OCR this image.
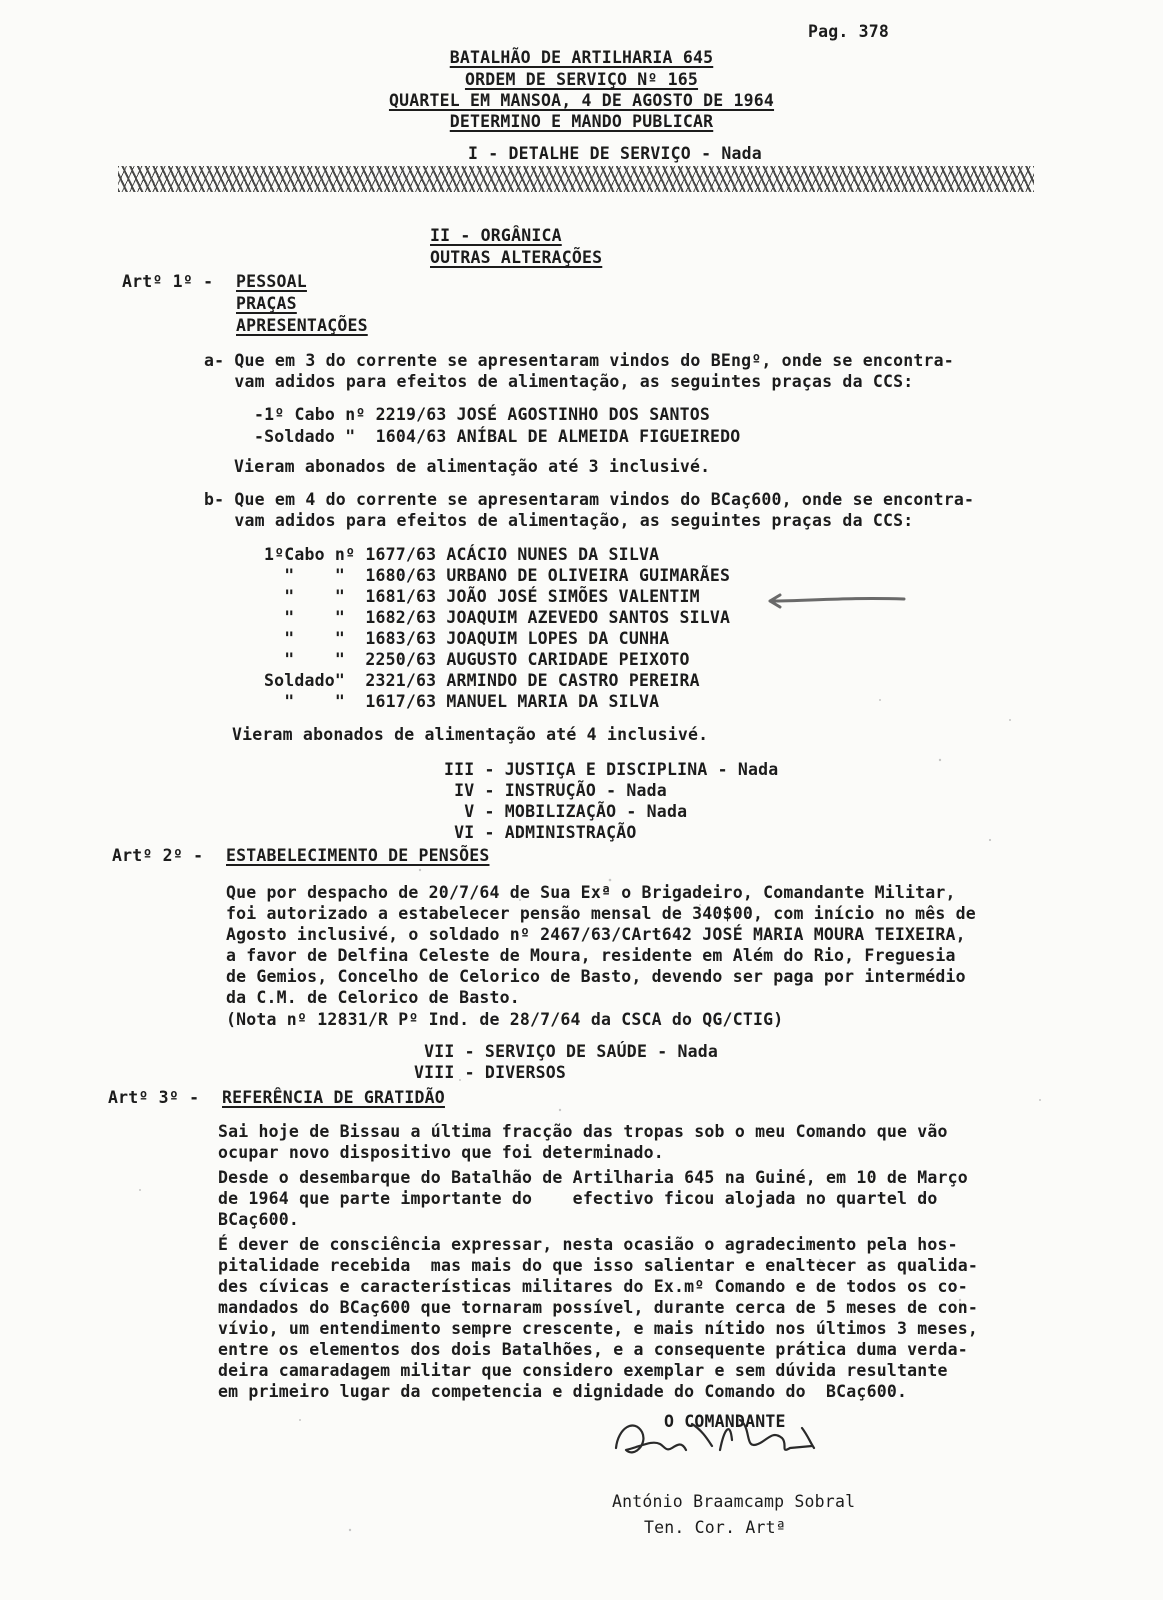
Pag. 378
BATALHÃO DE ARTILHARIA 645
ORDEM DE SERVIÇO Nº 165
QUARTEL EM MANSOA, 4 DE AGOSTO DE 1964
DETERMINO E MANDO PUBLICAR
I - DETALHE DE SERVIÇO - Nada
II - ORGÂNICA
OUTRAS ALTERAÇÕES
Artº 1º - PESSOAL
PRAÇAS
APRESENTAÇÕES
a- Que em 3 do corrente se apresentaram vindos do BEngº, onde se encontra-
vam adidos para efeitos de alimentação, as seguintes praças da CCS:
-1º Cabo nº 2219/63 JOSÉ AGOSTINHO DOS SANTOS
-Soldado "  1604/63 ANÍBAL DE ALMEIDA FIGUEIREDO
Vieram abonados de alimentação até 3 inclusivé.
b- Que em 4 do corrente se apresentaram vindos do BCaç600, onde se encontra-
vam adidos para efeitos de alimentação, as seguintes praças da CCS:
1ºCabo nº 1677/63 ACÁCIO NUNES DA SILVA
"    "  1680/63 URBANO DE OLIVEIRA GUIMARÃES
"    "  1681/63 JOÃO JOSÉ SIMÕES VALENTIM
"    "  1682/63 JOAQUIM AZEVEDO SANTOS SILVA
"    "  1683/63 JOAQUIM LOPES DA CUNHA
"    "  2250/63 AUGUSTO CARIDADE PEIXOTO
Soldado"  2321/63 ARMINDO DE CASTRO PEREIRA
"    "  1617/63 MANUEL MARIA DA SILVA
Vieram abonados de alimentação até 4 inclusivé.
III - JUSTIÇA E DISCIPLINA - Nada
IV - INSTRUÇÃO - Nada
V - MOBILIZAÇÃO - Nada
VI - ADMINISTRAÇÃO
Artº 2º - ESTABELECIMENTO DE PENSÕES
Que por despacho de 20/7/64 de Sua Exª o Brigadeiro, Comandante Militar,
foi autorizado a estabelecer pensão mensal de 340$00, com início no mês de
Agosto inclusivé, o soldado nº 2467/63/CArt642 JOSÉ MARIA MOURA TEIXEIRA,
a favor de Delfina Celeste de Moura, residente em Além do Rio, Freguesia
de Gemios, Concelho de Celorico de Basto, devendo ser paga por intermédio
da C.M. de Celorico de Basto.
(Nota nº 12831/R Pº Ind. de 28/7/64 da CSCA do QG/CTIG)
VII - SERVIÇO DE SAÚDE - Nada
VIII - DIVERSOS
Artº 3º - REFERÊNCIA DE GRATIDÃO
Sai hoje de Bissau a última fracção das tropas sob o meu Comando que vão
ocupar novo dispositivo que foi determinado.
Desde o desembarque do Batalhão de Artilharia 645 na Guiné, em 10 de Março
de 1964 que parte importante do    efectivo ficou alojada no quartel do
BCaç600.
É dever de consciência expressar, nesta ocasião o agradecimento pela hos-
pitalidade recebida  mas mais do que isso salientar e enaltecer as qualida-
des cívicas e características militares do Ex.mº Comando e de todos os co-
mandados do BCaç600 que tornaram possível, durante cerca de 5 meses de con-
vívio, um entendimento sempre crescente, e mais nítido nos últimos 3 meses,
entre os elementos dos dois Batalhões, e a consequente prática duma verda-
deira camaradagem militar que considero exemplar e sem dúvida resultante
em primeiro lugar da competencia e dignidade do Comando do  BCaç600.
O COMANDANTE
António Braamcamp Sobral
Ten. Cor. Artª
